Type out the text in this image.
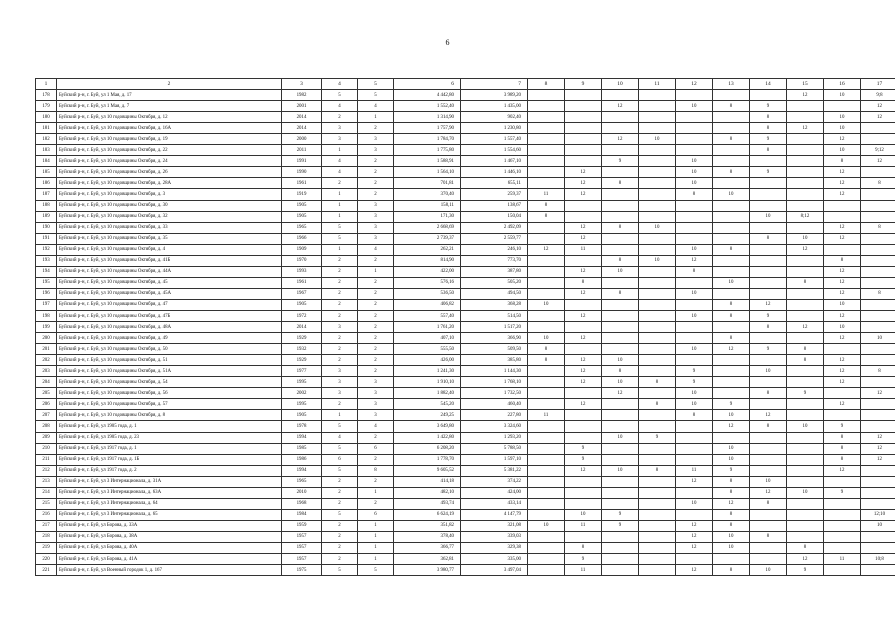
6
1	2	3	4	5	6	7	8	9	10	11	12	13	14	15	16	17
178	Буйский р-н, г. Буй, ул 1 Мая, д. 17	1982	5	5	4 442,80	3 989,20								12	10	9;8
179	Буйский р-н, г. Буй, ул 1 Мая, д. 7	2001	4	4	1 552,40	1 435,00			12		10	8	9			12
180	Буйский р-н, г. Буй, ул 10 годовщины Октября, д. 12	2014	2	1	1 314,90	902,40							8		10	12
181	Буйский р-н, г. Буй, ул 10 годовщины Октября, д. 16А	2014	3	2	1 757,90	1 230,80							8	12	10	
182	Буйский р-н, г. Буй, ул 10 годовщины Октября, д. 19	2000	3	3	1 784,70	1 557,40			12	10		8	9		12	
183	Буйский р-н, г. Буй, ул 10 годовщины Октября, д. 22	2011	1	3	1 775,80	1 554,60							8		10	9;12
184	Буйский р-н, г. Буй, ул 10 годовщины Октября, д. 24	1991	4	2	1 588,91	1 467,10			9		10				8	12
185	Буйский р-н, г. Буй, ул 10 годовщины Октября, д. 26	1990	4	2	1 564,10	1 446,10		12			10	8	9		12	
186	Буйский р-н, г. Буй, ул 10 годовщины Октября, д. 28А	1961	2	2	701,81	655,11		12	8		10				12	8
187	Буйский р-н, г. Буй, ул 10 годовщины Октября, д. 3	1919	1	2	370,40	259,37	11	12			8	10			12	
188	Буйский р-н, г. Буй, ул 10 годовщины Октября, д. 30	1905	1	3	158,11	138,67	8									
189	Буйский р-н, г. Буй, ул 10 годовщины Октября, д. 32	1905	1	3	171,30	150,04	8						10	8;12		
190	Буйский р-н, г. Буй, ул 10 годовщины Октября, д. 33	1965	5	3	2 668,69	2 492,09		12	8	10					12	8
191	Буйский р-н, г. Буй, ул 10 годовщины Октября, д. 35	1966	5	3	2 739,37	2 559,77		12					8	10	12	
192	Буйский р-н, г. Буй, ул 10 годовщины Октября, д. 4	1909	1	4	262,21	246,10	12	11			10	8		12		
193	Буйский р-н, г. Буй, ул 10 годовщины Октября, д. 41Б	1970	2	2	814,90	773,70			8	10	12				8	
194	Буйский р-н, г. Буй, ул 10 годовщины Октября, д. 44А	1993	2	1	422,00	387,80		12	10		8				12	
195	Буйский р-н, г. Буй, ул 10 годовщины Октября, д. 45	1961	2	2	576,16	505,20		8				10		8	12	
196	Буйский р-н, г. Буй, ул 10 годовщины Октября, д. 45А	1967	2	2	536,50	494,50		12	8		10				12	8
197	Буйский р-н, г. Буй, ул 10 годовщины Октября, д. 47	1905	2	2	406,82	368,28	10					8	12		10	
198	Буйский р-н, г. Буй, ул 10 годовщины Октября, д. 47Б	1972	2	2	557,40	514,50		12			10	8	9		12	
199	Буйский р-н, г. Буй, ул 10 годовщины Октября, д. 48А	2014	3	2	1 761,20	1 517,20							8	12	10	
200	Буйский р-н, г. Буй, ул 10 годовщины Октября, д. 49	1929	2	2	407,10	366,90	10	12				8			12	10
201	Буйский р-н, г. Буй, ул 10 годовщины Октября, д. 50	1932	2	2	555,50	509,50	8				10	12	9	8		
202	Буйский р-н, г. Буй, ул 10 годовщины Октября, д. 51	1929	2	2	426,00	385,80	8	12	10					8	12	
203	Буйский р-н, г. Буй, ул 10 годовщины Октября, д. 51А	1977	3	2	1 241,30	1 144,30		12	8		9		10		12	8
204	Буйский р-н, г. Буй, ул 10 годовщины Октября, д. 54	1995	3	3	1 910,10	1 768,10		12	10	8	9				12	
205	Буйский р-н, г. Буй, ул 10 годовщины Октября, д. 56	2002	3	3	1 882,40	1 732,50			12		10		8	9		12
206	Буйский р-н, г. Буй, ул 10 годовщины Октября, д. 57	1995	2	3	545,20	460,40		12		8	10	9			12	
207	Буйский р-н, г. Буй, ул 10 годовщины Октября, д. 8	1905	1	3	249,25	227,80	11				8	10	12			
208	Буйский р-н, г. Буй, ул 1905 года, д. 1	1978	5	4	3 649,80	3 324,60						12	8	10	9	
209	Буйский р-н, г. Буй, ул 1905 года, д. 23	1994	4	2	1 422,80	1 293,20			10	9					8	12
210	Буйский р-н, г. Буй, ул 1917 года, д. 1	1985	5	6	6 208,20	5 788,50		9				10			8	12
211	Буйский р-н, г. Буй, ул 1917 года, д. 1Б	1986	6	2	1 778,70	1 597,10		9				10			8	12
212	Буйский р-н, г. Буй, ул 1917 года, д. 2	1994	5	8	9 605,52	5 381,22		12	10	8	11	9			12	
213	Буйский р-н, г. Буй, ул 3 Интернационала, д. 31А	1965	2	2	414,18	374,22					12	8	10			
214	Буйский р-н, г. Буй, ул 3 Интернационала, д. 63А	2010	2	1	482,10	424,00						8	12	10	9	
215	Буйский р-н, г. Буй, ул 3 Интернационала, д. 64	1968	2	2	493,74	433,14					10	12	8			
216	Буйский р-н, г. Буй, ул 3 Интернационала, д. 65	1984	5	6	6 624,19	4 147,79		10	9			8				12;10
217	Буйский р-н, г. Буй, ул Борова, д. 33А	1959	2	1	351,82	321,08	10	11	9		12	8				10
218	Буйский р-н, г. Буй, ул Борова, д. 38А	1957	2	1	378,40	339,03					12	10	8			
219	Буйский р-н, г. Буй, ул Борова, д. 40А	1957	2	1	366,77	329,38		8			12	10		8		
220	Буйский р-н, г. Буй, ул Борова, д. 41А	1957	2	1	362,81	335,00		9						12	11	10;8
221	Буйский р-н, г. Буй, ул Военный городок 1, д. 167	1975	5	5	3 980,77	3 497,04		11			12	8	10	9		
